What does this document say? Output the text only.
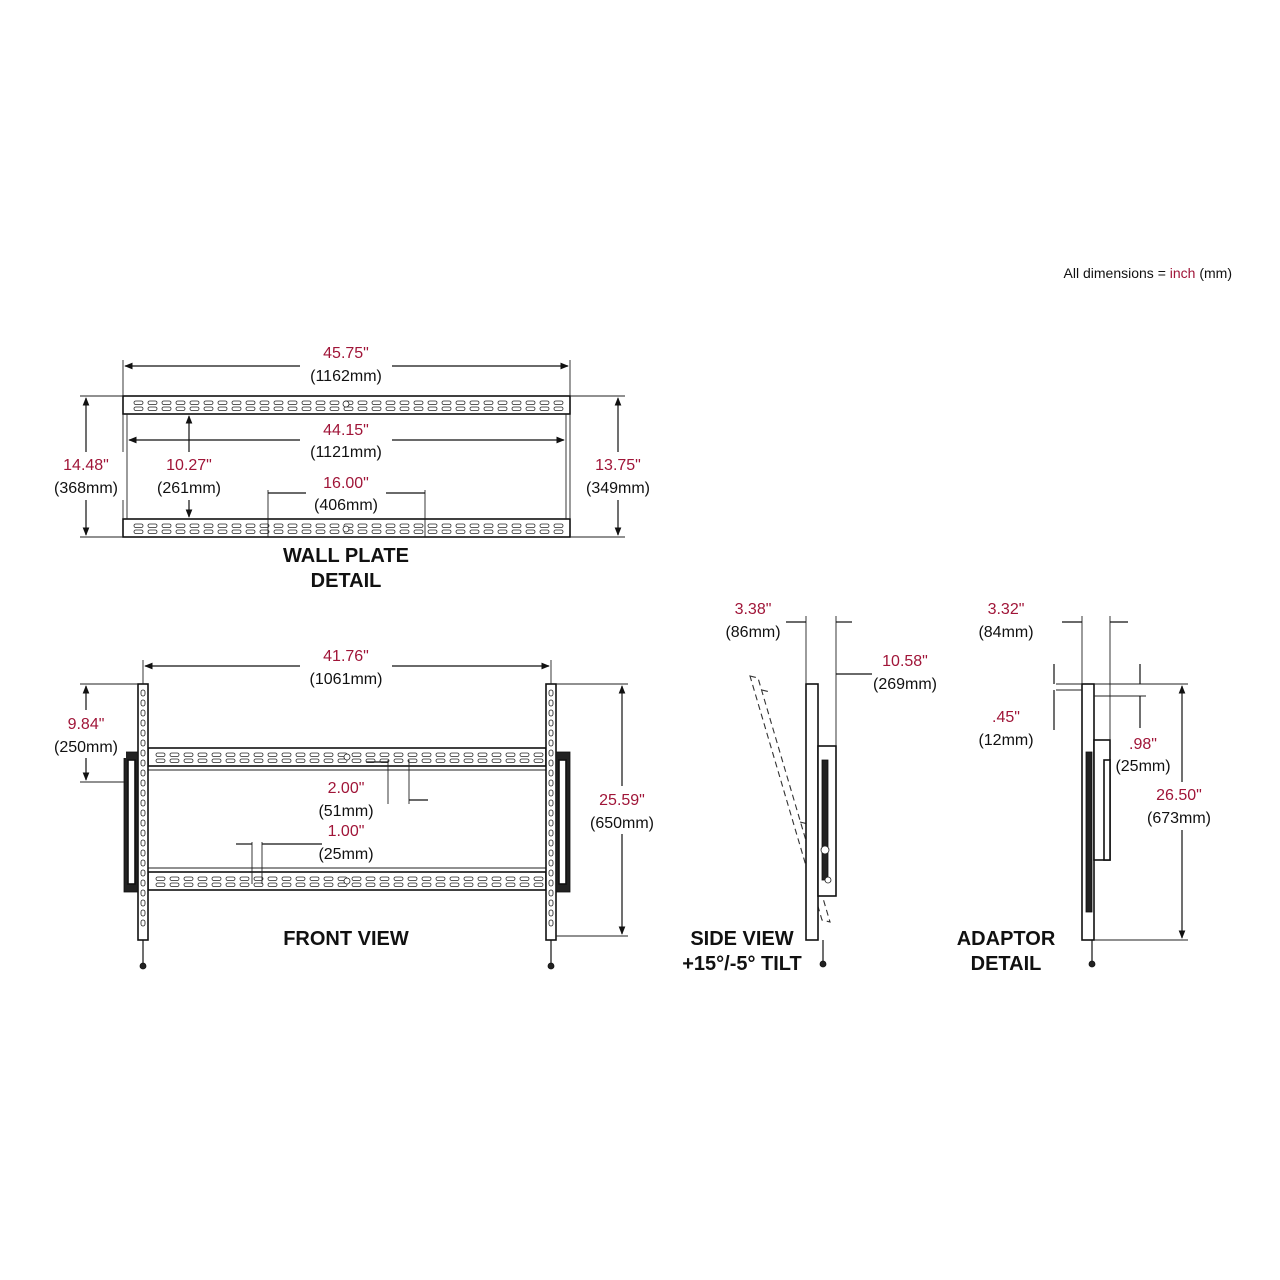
All dimensions = inch (mm)
45.75"
(1162mm)
44.15"
(1121mm)
14.48"
(368mm)
10.27"
(261mm)
13.75"
(349mm)
16.00"
(406mm)
WALL PLATE
DETAIL
41.76"
(1061mm)
9.84"
(250mm)
25.59"
(650mm)
2.00"
(51mm)
1.00"
(25mm)
FRONT VIEW
3.38"
(86mm)
10.58"
(269mm)
SIDE VIEW
+15°/-5° TILT
3.32"
(84mm)
.45"
(12mm)	.98"
(25mm)
26.50"
(673mm)
ADAPTOR
DETAIL
